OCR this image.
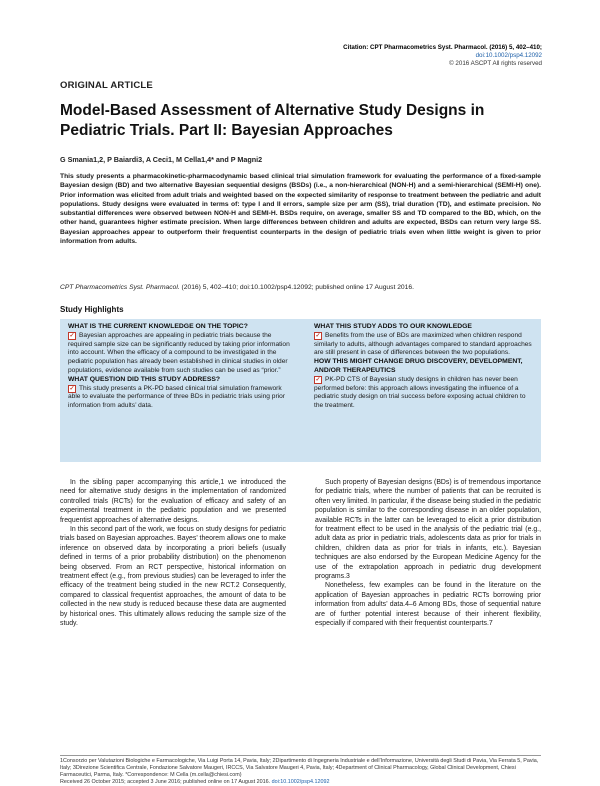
Citation: CPT Pharmacometrics Syst. Pharmacol. (2016) 5, 402–410; doi:10.1002/psp4.12092
© 2016 ASCPT All rights reserved
ORIGINAL ARTICLE
Model-Based Assessment of Alternative Study Designs in Pediatric Trials. Part II: Bayesian Approaches
G Smania1,2, P Baiardi3, A Ceci1, M Cella1,4* and P Magni2
This study presents a pharmacokinetic-pharmacodynamic based clinical trial simulation framework for evaluating the performance of a fixed-sample Bayesian design (BD) and two alternative Bayesian sequential designs (BSDs) (i.e., a non-hierarchical (NON-H) and a semi-hierarchical (SEMI-H) one). Prior information was elicited from adult trials and weighted based on the expected similarity of response to treatment between the pediatric and adult populations. Study designs were evaluated in terms of: type I and II errors, sample size per arm (SS), trial duration (TD), and estimate precision. No substantial differences were observed between NON-H and SEMI-H. BSDs require, on average, smaller SS and TD compared to the BD, which, on the other hand, guarantees higher estimate precision. When large differences between children and adults are expected, BSDs can return very large SS. Bayesian approaches appear to outperform their frequentist counterparts in the design of pediatric trials even when little weight is given to prior information from adults.
CPT Pharmacometrics Syst. Pharmacol. (2016) 5, 402–410; doi:10.1002/psp4.12092; published online 17 August 2016.
Study Highlights
WHAT IS THE CURRENT KNOWLEDGE ON THE TOPIC?
✓ Bayesian approaches are appealing in pediatric trials because the required sample size can be significantly reduced by taking prior information into account. When the efficacy of a compound to be investigated in the pediatric population has already been established in clinical studies in older populations, evidence available from such studies can be used as “prior.”
WHAT QUESTION DID THIS STUDY ADDRESS?
✓ This study presents a PK-PD based clinical trial simulation framework able to evaluate the performance of three BDs in pediatric trials using prior information from adults’ data.
WHAT THIS STUDY ADDS TO OUR KNOWLEDGE
✓ Benefits from the use of BDs are maximized when children respond similarly to adults, although advantages compared to standard approaches are still present in case of differences between the two populations.
HOW THIS MIGHT CHANGE DRUG DISCOVERY, DEVELOPMENT, AND/OR THERAPEUTICS
✓ PK-PD CTS of Bayesian study designs in children has never been performed before: this approach allows investigating the influence of a pediatric study design on trial success before exposing actual children to the treatment.

In the sibling paper accompanying this article,1 we introduced the need for alternative study designs in the implementation of randomized controlled trials (RCTs) for the evaluation of efficacy and safety of an experimental treatment in the pediatric population and we presented frequentist approaches of alternative designs.

In this second part of the work, we focus on study designs for pediatric trials based on Bayesian approaches. Bayes’ theorem allows one to make inference on observed data by incorporating a priori beliefs (usually defined in terms of a prior probability distribution) on the phenomenon being observed. From an RCT perspective, historical information on treatment effect (e.g., from previous studies) can be leveraged to infer the efficacy of the treatment being studied in the new RCT.2 Consequently, compared to classical frequentist approaches, the amount of data to be collected in the new study is reduced because these data are augmented by historical ones. This ultimately allows reducing the sample size of the study.

Such property of Bayesian designs (BDs) is of tremendous importance for pediatric trials, where the number of patients that can be recruited is often very limited. In particular, if the disease being studied in the pediatric population is similar to the corresponding disease in an older population, available RCTs in the latter can be leveraged to elicit a prior distribution for treatment effect to be used in the analysis of the pediatric trial (e.g., adult data as prior in pediatric trials, adolescents data as prior for trials in children, children data as prior for trials in infants, etc.). Bayesian techniques are also endorsed by the European Medicine Agency for the use of the extrapolation approach in pediatric drug development programs.3

Nonetheless, few examples can be found in the literature on the application of Bayesian approaches in pediatric RCTs borrowing prior information from adults’ data.4–6 Among BDs, those of sequential nature are of further potential interest because of their inherent flexibility, especially if compared with their frequentist counterparts.7

1Consorzio per Valutazioni Biologiche e Farmacologiche, Via Luigi Porta 14, Pavia, Italy; 2Dipartimento di Ingegneria Industriale e dell’Informazione, Università degli Studi di Pavia, Via Ferrata 5, Pavia, Italy; 3Direzione Scientifica Centrale, Fondazione Salvatore Maugeri, IRCCS, Via Salvatore Maugeri 4, Pavia, Italy; 4Department of Clinical Pharmacology, Global Clinical Development, Chiesi Farmaceutici, Parma, Italy. *Correspondence: M Cella (m.cella@chiesi.com)
Received 26 October 2015; accepted 3 June 2016; published online on 17 August 2016. doi:10.1002/psp4.12092
